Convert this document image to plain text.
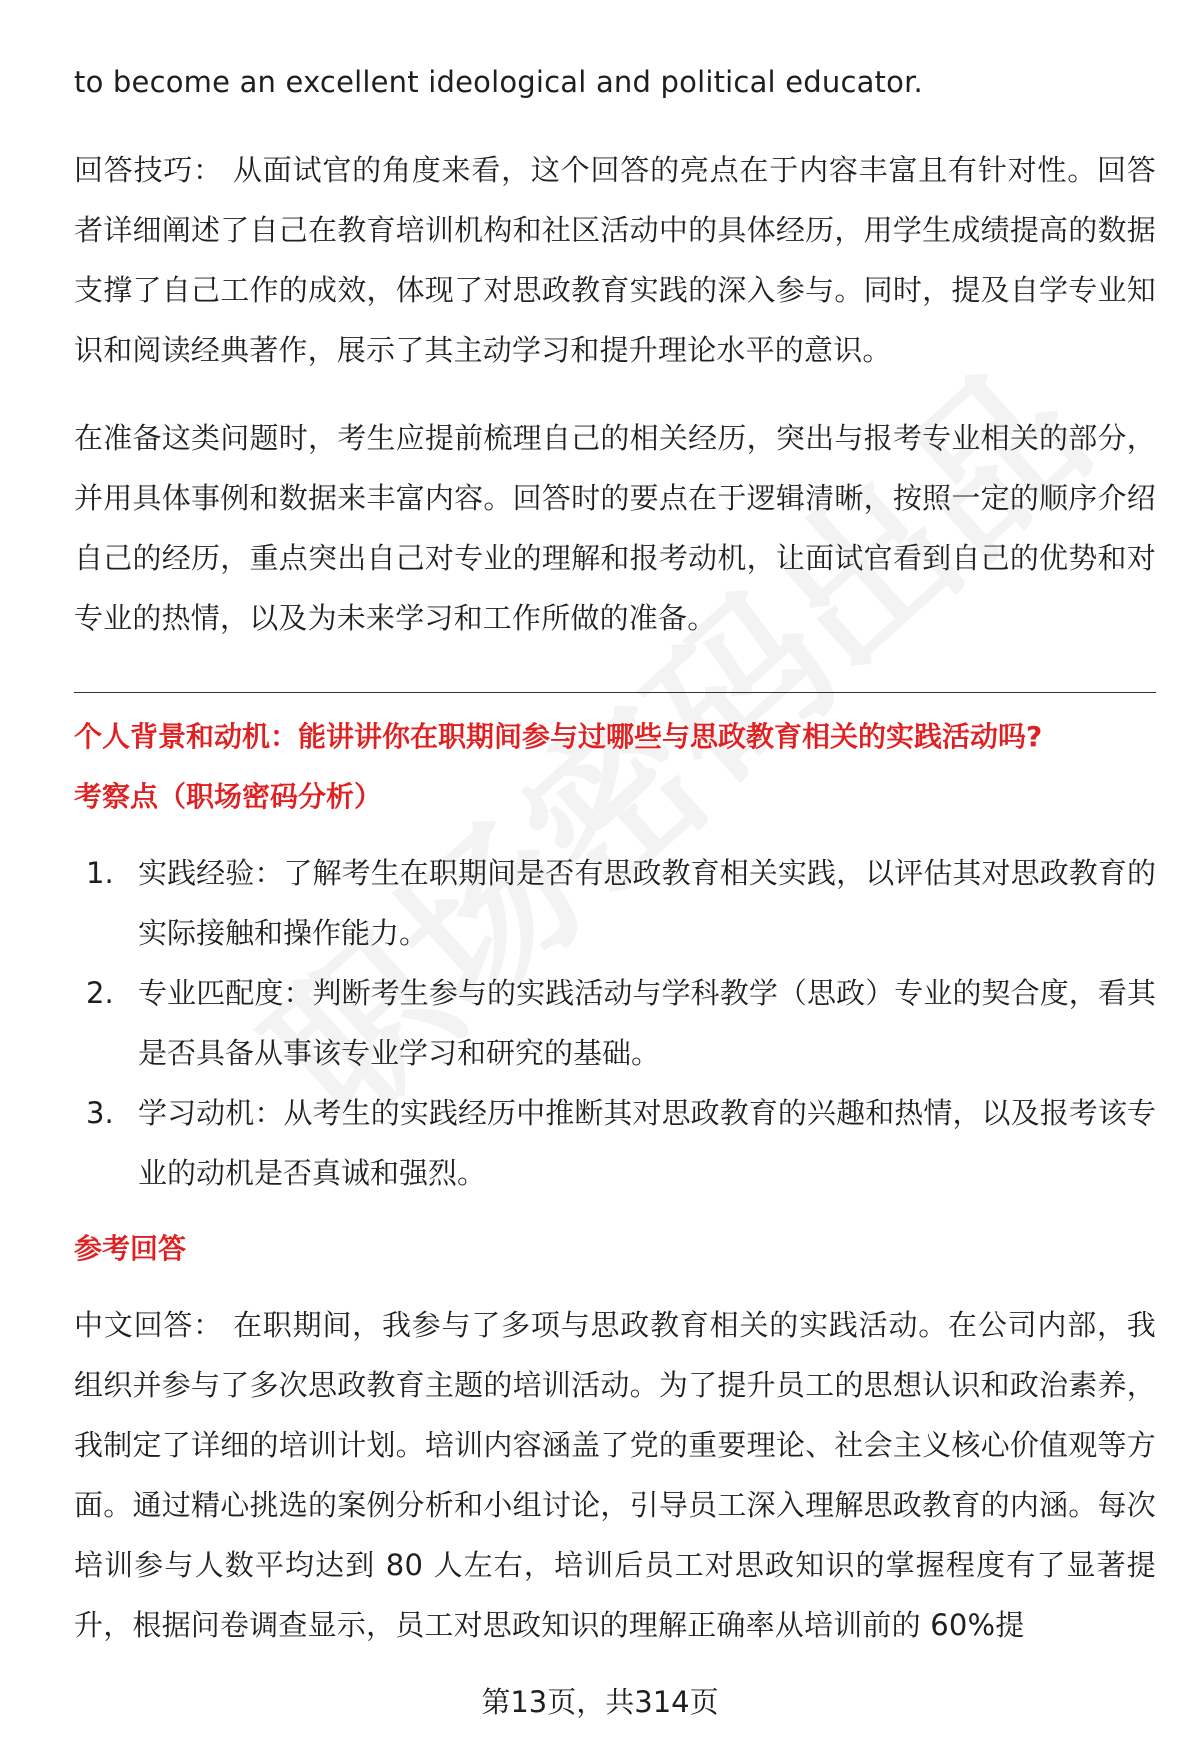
to become an excellent ideological and political educator.

回答技巧： 从面试官的角度来看，这个回答的亮点在于内容丰富且有针对性。回答者详细阐述了自己在教育培训机构和社区活动中的具体经历，用学生成绩提高的数据支撑了自己工作的成效，体现了对思政教育实践的深入参与。同时，提及自学专业知识和阅读经典著作，展示了其主动学习和提升理论水平的意识。

在准备这类问题时，考生应提前梳理自己的相关经历，突出与报考专业相关的部分，并用具体事例和数据来丰富内容。回答时的要点在于逻辑清晰，按照一定的顺序介绍自己的经历，重点突出自己对专业的理解和报考动机，让面试官看到自己的优势和对专业的热情，以及为未来学习和工作所做的准备。

个人背景和动机：能讲讲你在职期间参与过哪些与思政教育相关的实践活动吗?

考察点（职场密码分析）

1. 实践经验：了解考生在职期间是否有思政教育相关实践，以评估其对思政教育的实际接触和操作能力。
2. 专业匹配度：判断考生参与的实践活动与学科教学（思政）专业的契合度，看其是否具备从事该专业学习和研究的基础。
3. 学习动机：从考生的实践经历中推断其对思政教育的兴趣和热情，以及报考该专业的动机是否真诚和强烈。

参考回答

中文回答： 在职期间，我参与了多项与思政教育相关的实践活动。在公司内部，我组织并参与了多次思政教育主题的培训活动。为了提升员工的思想认识和政治素养，我制定了详细的培训计划。培训内容涵盖了党的重要理论、社会主义核心价值观等方面。通过精心挑选的案例分析和小组讨论，引导员工深入理解思政教育的内涵。每次培训参与人数平均达到 80 人左右，培训后员工对思政知识的掌握程度有了显著提升，根据问卷调查显示，员工对思政知识的理解正确率从培训前的 60%提

第13页，共314页
